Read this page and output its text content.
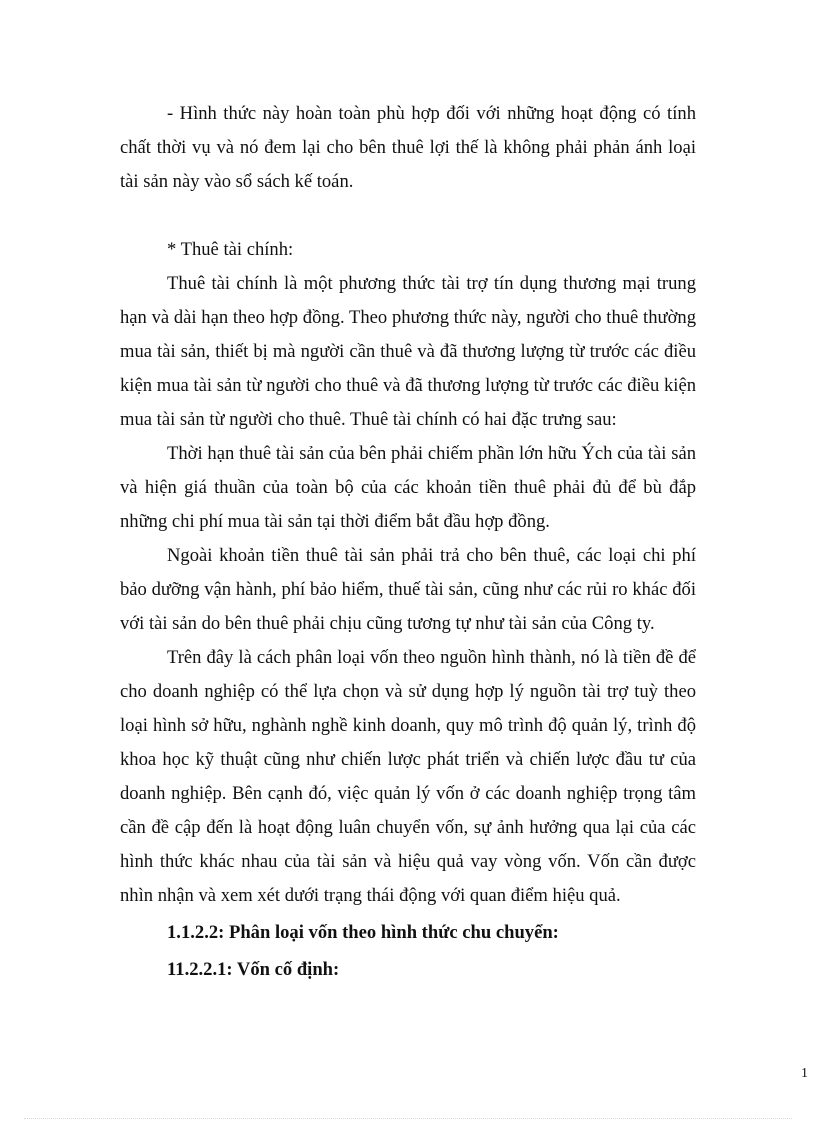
- Hình thức này hoàn toàn phù hợp đối với những hoạt động có tính chất thời vụ và nó đem lại cho bên thuê lợi thế là không phải phản ánh loại tài sản này vào sổ sách kế toán.

* Thuê tài chính:

Thuê tài chính là một phương thức tài trợ tín dụng thương mại trung hạn và dài hạn theo hợp đồng. Theo phương thức này, người cho thuê thường mua tài sản, thiết bị mà người cần thuê và đã thương lượng từ trước các điều kiện mua tài sản từ người cho thuê và đã thương lượng từ trước các điều kiện mua tài sản từ người cho thuê. Thuê tài chính có hai đặc trưng sau:

Thời hạn thuê tài sản của bên phải chiếm phần lớn hữu Ých của tài sản và hiện giá thuần của toàn bộ của các khoản tiền thuê phải đủ để bù đắp những chi phí mua tài sản tại thời điểm bắt đầu hợp đồng.

Ngoài khoản tiền thuê tài sản phải trả cho bên thuê, các loại chi phí bảo dưỡng vận hành, phí bảo hiểm, thuế tài sản, cũng như các rủi ro khác đối với tài sản do bên thuê phải chịu cũng tương tự như tài sản của Công ty.

Trên đây là cách phân loại vốn theo nguồn hình thành, nó là tiền đề để cho doanh nghiệp có thể lựa chọn và sử dụng hợp lý nguồn tài trợ tuỳ theo loại hình sở hữu, nghành nghề kinh doanh, quy mô trình độ quản lý, trình độ khoa học kỹ thuật cũng như chiến lược phát triển và chiến lược đầu tư của doanh nghiệp. Bên cạnh đó, việc quản lý vốn ở các doanh nghiệp trọng tâm cần đề cập đến là hoạt động luân chuyển vốn, sự ảnh hưởng qua lại của các hình thức khác nhau của tài sản và hiệu quả vay vòng vốn. Vốn cần được nhìn nhận và xem xét dưới trạng thái động với quan điểm hiệu quả.

1.1.2.2: Phân loại vốn theo hình thức chu chuyển:

11.2.2.1: Vốn cố định:

1
